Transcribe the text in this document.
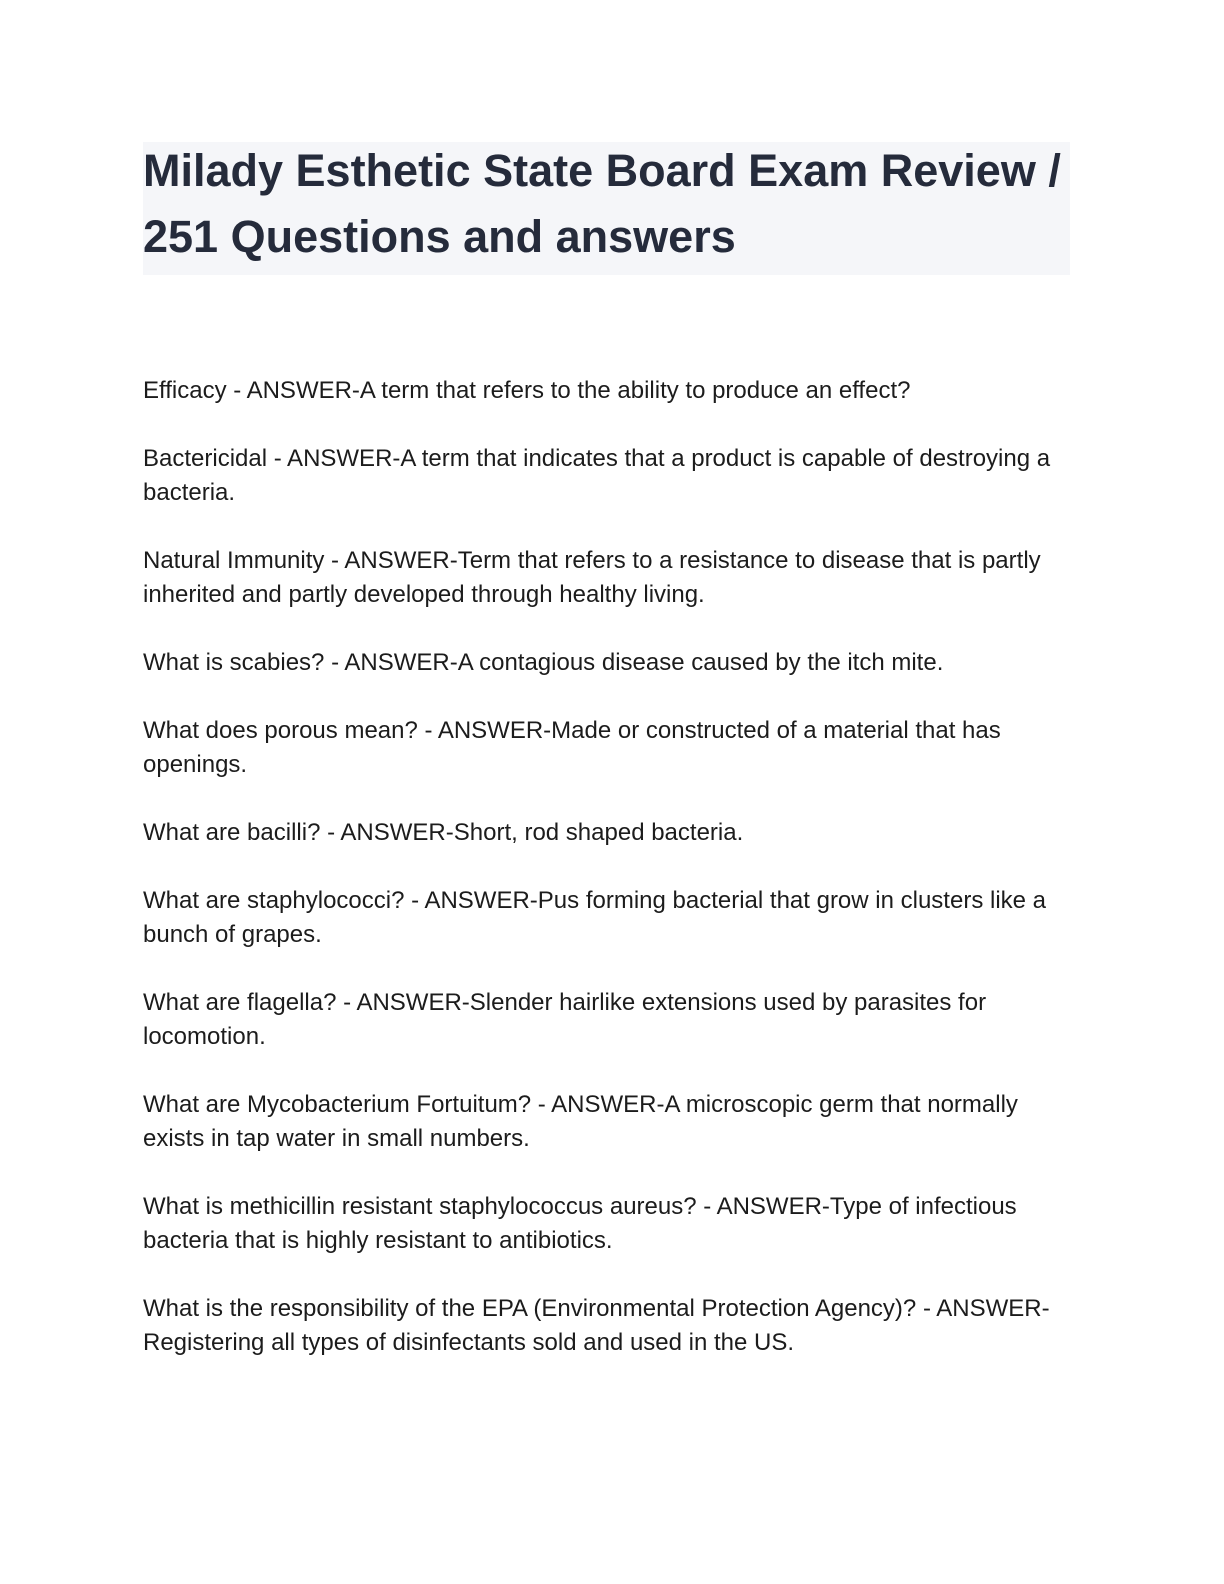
Milady Esthetic State Board Exam Review / 251 Questions and answers
Efficacy - ANSWER-A term that refers to the ability to produce an effect?
Bactericidal - ANSWER-A term that indicates that a product is capable of destroying a bacteria.
Natural Immunity - ANSWER-Term that refers to a resistance to disease that is partly inherited and partly developed through healthy living.
What is scabies? - ANSWER-A contagious disease caused by the itch mite.
What does porous mean? - ANSWER-Made or constructed of a material that has openings.
What are bacilli? - ANSWER-Short, rod shaped bacteria.
What are staphylococci? - ANSWER-Pus forming bacterial that grow in clusters like a bunch of grapes.
What are flagella? - ANSWER-Slender hairlike extensions used by parasites for locomotion.
What are Mycobacterium Fortuitum? - ANSWER-A microscopic germ that normally exists in tap water in small numbers.
What is methicillin resistant staphylococcus aureus? - ANSWER-Type of infectious bacteria that is highly resistant to antibiotics.
What is the responsibility of the EPA (Environmental Protection Agency)? - ANSWER-Registering all types of disinfectants sold and used in the US.
